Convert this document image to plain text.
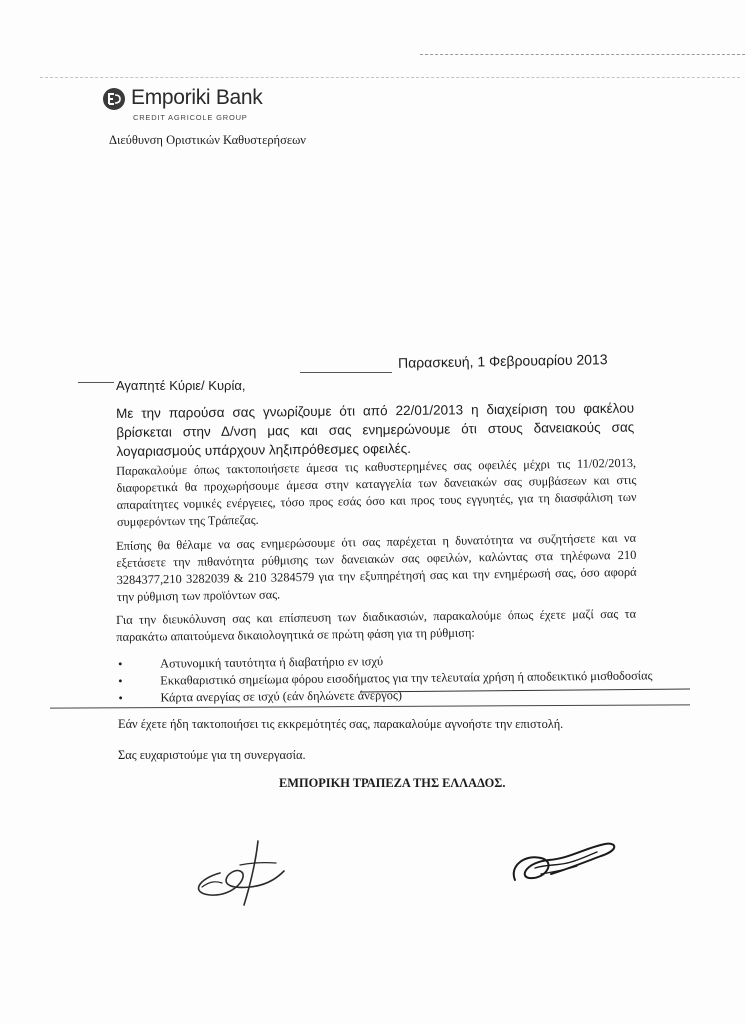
Emporiki Bank
CREDIT AGRICOLE GROUP
Διεύθυνση Οριστικών Καθυστερήσεων
Παρασκευή, 1 Φεβρουαρίου 2013
Αγαπητέ Κύριε/ Κυρία,
Με την παρούσα σας γνωρίζουμε ότι από 22/01/2013 η διαχείριση του φακέλου βρίσκεται στην Δ/νση μας και σας ενημερώνουμε ότι στους δανειακούς σας λογαριασμούς υπάρχουν ληξιπρόθεσμες οφειλές.
Παρακαλούμε όπως τακτοποιήσετε άμεσα τις καθυστερημένες σας οφειλές μέχρι τις 11/02/2013, διαφορετικά θα προχωρήσουμε άμεσα στην καταγγελία των δανειακών σας συμβάσεων και στις απαραίτητες νομικές ενέργειες, τόσο προς εσάς όσο και προς τους εγγυητές, για τη διασφάλιση των συμφερόντων της Τράπεζας.
Επίσης θα θέλαμε να σας ενημερώσουμε ότι σας παρέχεται η δυνατότητα να συζητήσετε και να εξετάσετε την πιθανότητα ρύθμισης των δανειακών σας οφειλών, καλώντας στα τηλέφωνα 210 3284377,210 3282039 & 210 3284579 για την εξυπηρέτησή σας και την ενημέρωσή σας, όσο αφορά την ρύθμιση των προϊόντων σας.
Για την διευκόλυνση σας και επίσπευση των διαδικασιών, παρακαλούμε όπως έχετε μαζί σας τα παρακάτω απαιτούμενα δικαιολογητικά σε πρώτη φάση για τη ρύθμιση:
•	Αστυνομική ταυτότητα ή διαβατήριο εν ισχύ
•	Εκκαθαριστικό σημείωμα φόρου εισοδήματος για την τελευταία χρήση ή αποδεικτικό μισθοδοσίας
•	Κάρτα ανεργίας σε ισχύ (εάν δηλώνετε άνεργος)
Εάν έχετε ήδη τακτοποιήσει τις εκκρεμότητές σας, παρακαλούμε αγνοήστε την επιστολή.
Σας ευχαριστούμε για τη συνεργασία.
ΕΜΠΟΡΙΚΗ ΤΡΑΠΕΖΑ ΤΗΣ ΕΛΛΑΔΟΣ.
